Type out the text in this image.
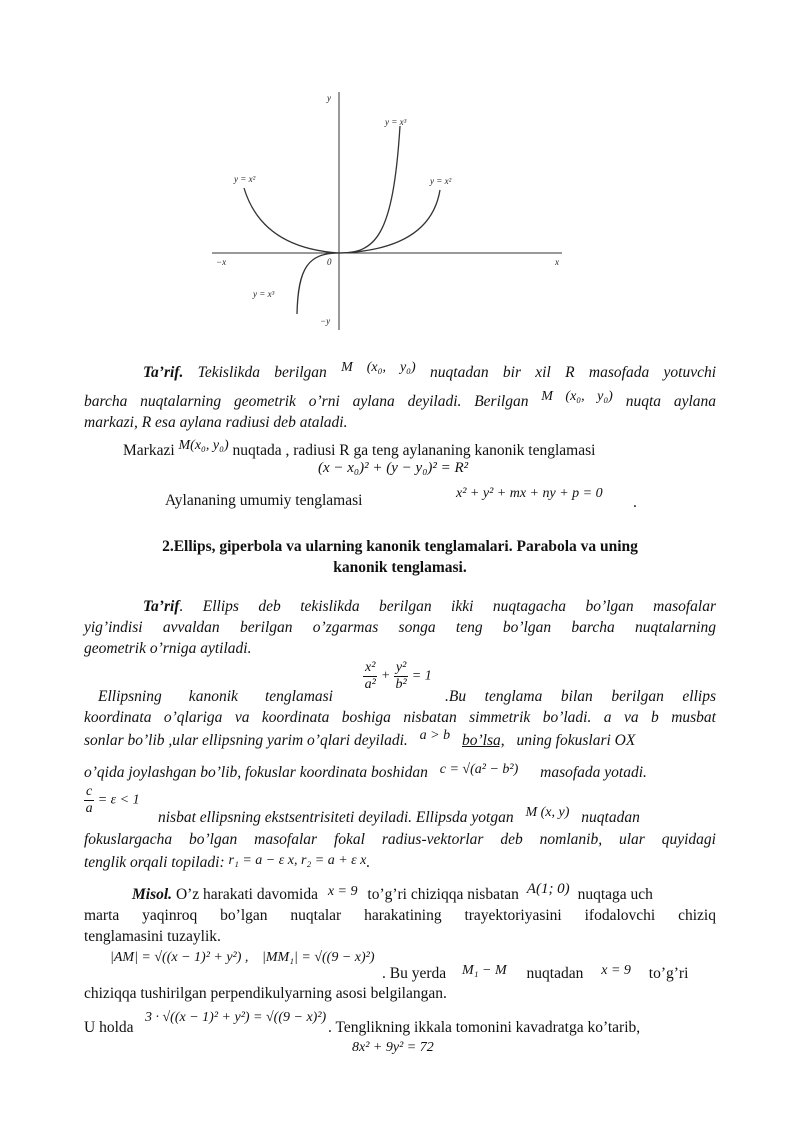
y
−y
x
−x	0
y = x³
y = x²	y = x²
y = x³
Ta’rif. Tekislikda berilgan M (x₀, y₀) nuqtadan bir xil R masofada yotuvchi
barcha nuqtalarning geometrik o’rni aylana deyiladi. Berilgan M (x₀, y₀) nuqta aylana
markazi, R esa aylana radiusi deb ataladi.
Markazi M(x₀, y₀) nuqtada , radiusi R ga teng aylananing kanonik tenglamasi
(x − x₀)² + (y − y₀)² = R²
Aylananing umumiy tenglamasi	x² + y² + mx + ny + p = 0
.
2.Ellips, giperbola va ularning kanonik tenglamalari. Parabola va uning
kanonik tenglamasi.
Ta’rif. Ellips deb tekislikda berilgan ikki nuqtagacha bo’lgan masofalar
yig’indisi avvaldan berilgan o’zgarmas songa teng bo’lgan barcha nuqtalarning
geometrik o’rniga aytiladi.
$\frac{\text{x²}}{\text{a²}} + \frac{\text{y²}}{\text{b²}} = 1$
Ellipsning kanonik tenglamasi	.Bu tenglama bilan berilgan ellips
koordinata o’qlariga va koordinata boshiga nisbatan simmetrik bo’ladi. a va b musbat
sonlar bo’lib ,ular ellipsning yarim o’qlari deyiladi. a > b bo’lsa, uning fokuslari OX
o’qida joylashgan bo’lib, fokuslar koordinata boshidan c = √(a² − b²) masofada yotadi.
$\frac{c}{a} = \varepsilon < 1$
nisbat ellipsning ekstsentrisiteti deyiladi. Ellipsda yotgan M (x, y) nuqtadan
fokuslargacha bo’lgan masofalar fokal radius-vektorlar deb nomlanib, ular quyidagi
tenglik orqali topiladi: r₁ = a − ε x, r₂ = a + ε x.
Misol. O’z harakati davomida x = 9 to’g’ri chiziqqa nisbatan A(1; 0) nuqtaga uch
marta yaqinroq bo’lgan nuqtalar harakatining trayektoriyasini ifodalovchi chiziq
tenglamasini tuzaylik.
|AM| = √((x − 1)² + y²) , |MM₁| = √((9 − x)²)
. Bu yerda M₁ − M nuqtadan x = 9 to’g’ri
chiziqqa tushirilgan perpendikulyarning asosi belgilangan.
U holda
3 · √((x − 1)² + y²) = √((9 − x)²)
. Tenglikning ikkala tomonini kavadratga ko’tarib,
8x² + 9y² = 72
